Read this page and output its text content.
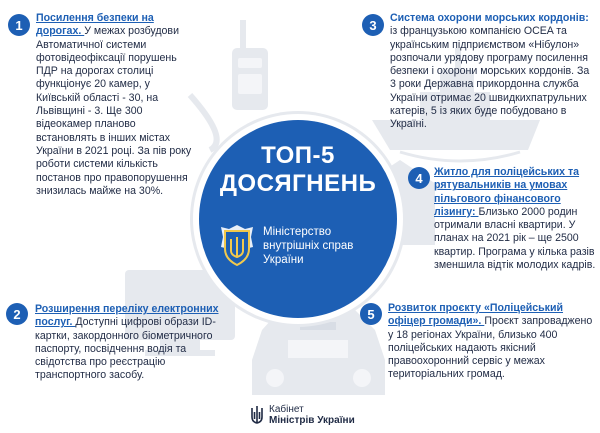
1	Посилення безпеки на дорогах. У межах розбудови Автоматичної системи фотовідеофіксації порушень ПДР на дорогах столиці функціонує 20 камер, у Київській області - 30, на Львівщині - 3. Ще 300 відеокамер планово встановлять в інших містах України в 2021 році. За пів року роботи системи кількість постанов про правопорушення знизилась майже на 30%.
2	Розширення переліку електронних послуг. Доступні цифрові образи ID-картки, закордонного біометричного паспорту, посвідчення водія та свідотства про реєстрацію транспортного засобу.
3	Система охорони морських кордонів: із французькою компанією OCEA та українським підприємством «Нібулон» розпочали урядову програму посилення безпеки і охорони морських кордонів. За 3 роки Державна прикордонна служба України отримає 20 швидкихпатрульних катерів, 5 із яких буде побудовано в Україні.
4	Житло для поліцейських та рятувальників на умовах пільгового фінансового лізингу: Близько 2000 родин отримали власні квартири. У планах на 2021 рік – ще 2500 квартир. Програма у кілька разів зменшила відтік молодих кадрів.
5	Розвиток проєкту «Поліцейський офіцер громади». Проєкт запроваджено у 18 регіонах України, близько 400 поліцейських надають якісний правоохоронний сервіс у межах територіальних громад.
ТОП-5
ДОСЯГНЕНЬ
Міністерство
внутрішніх справ
України
Кабінет
Міністрів України
